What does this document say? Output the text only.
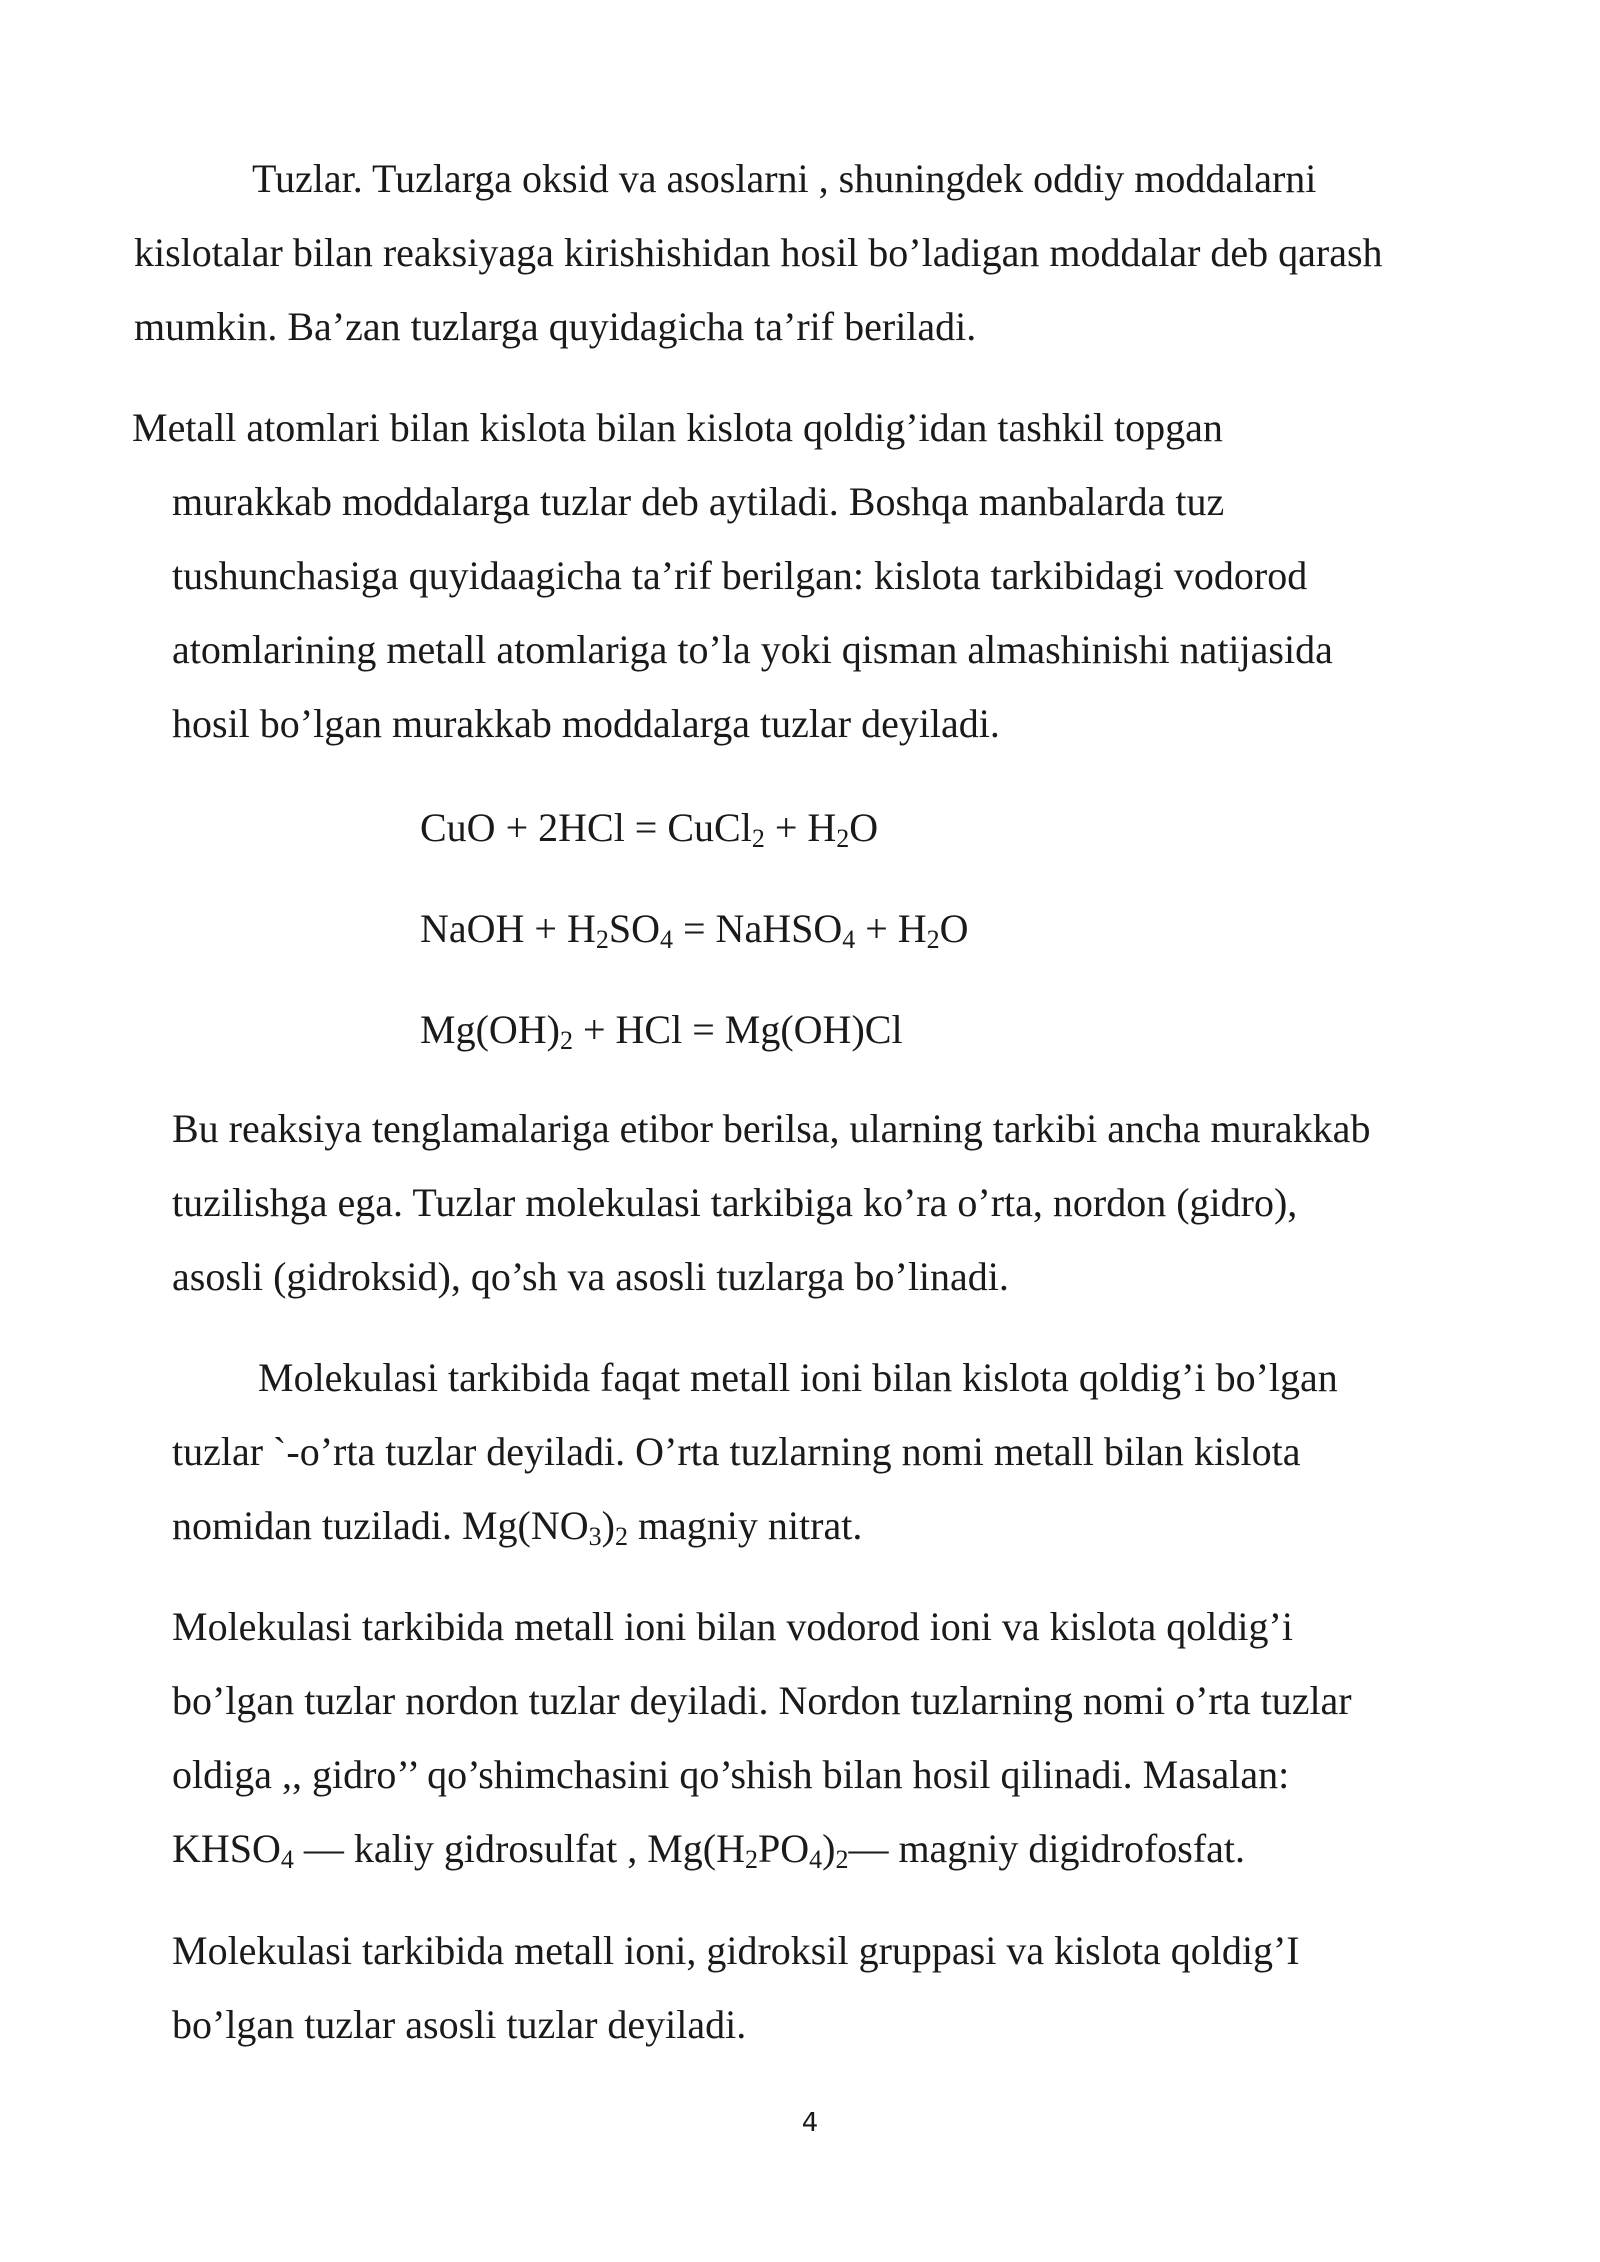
Tuzlar. Tuzlarga oksid va asoslarni , shuningdek oddiy moddalarni
kislotalar bilan reaksiyaga kirishishidan hosil bo’ladigan moddalar deb qarash
mumkin. Ba’zan tuzlarga quyidagicha ta’rif beriladi.

Metall atomlari bilan kislota bilan kislota qoldig’idan tashkil topgan
murakkab moddalarga tuzlar deb aytiladi. Boshqa manbalarda tuz
tushunchasiga quyidaagicha ta’rif berilgan: kislota tarkibidagi vodorod
atomlarining metall atomlariga to’la yoki qisman almashinishi natijasida
hosil bo’lgan murakkab moddalarga tuzlar deyiladi.

CuO + 2HCl = CuCl$_2$ + $H_2O$

NaOH + $H_2SO_4$ = NaHSO$_4$ + $H_2O$

$Mg(OH)_2$ + HCl = Mg(OH)Cl

Bu reaksiya tenglamalariga etibor berilsa, ularning tarkibi ancha murakkab
tuzilishga ega. Tuzlar molekulasi tarkibiga ko’ra o’rta, nordon (gidro),
asosli (gidroksid), qo’sh va asosli tuzlarga bo’linadi.

Molekulasi tarkibida faqat metall ioni bilan kislota qoldig’i bo’lgan
tuzlar `-o’rta tuzlar deyiladi. O’rta tuzlarning nomi metall bilan kislota
nomidan tuziladi. $Mg(NO_3)_2$ magniy nitrat.

Molekulasi tarkibida metall ioni bilan vodorod ioni va kislota qoldig’i
bo’lgan tuzlar nordon tuzlar deyiladi. Nordon tuzlarning nomi o’rta tuzlar
oldiga ,, gidro’’ qo’shimchasini qo’shish bilan hosil qilinadi. Masalan:
$KHSO_4$ — kaliy gidrosulfat , $Mg(H_2PO_4)_2—$ magniy digidrofosfat.

Molekulasi tarkibida metall ioni, gidroksil gruppasi va kislota qoldig’I
bo’lgan tuzlar asosli tuzlar deyiladi.

4
